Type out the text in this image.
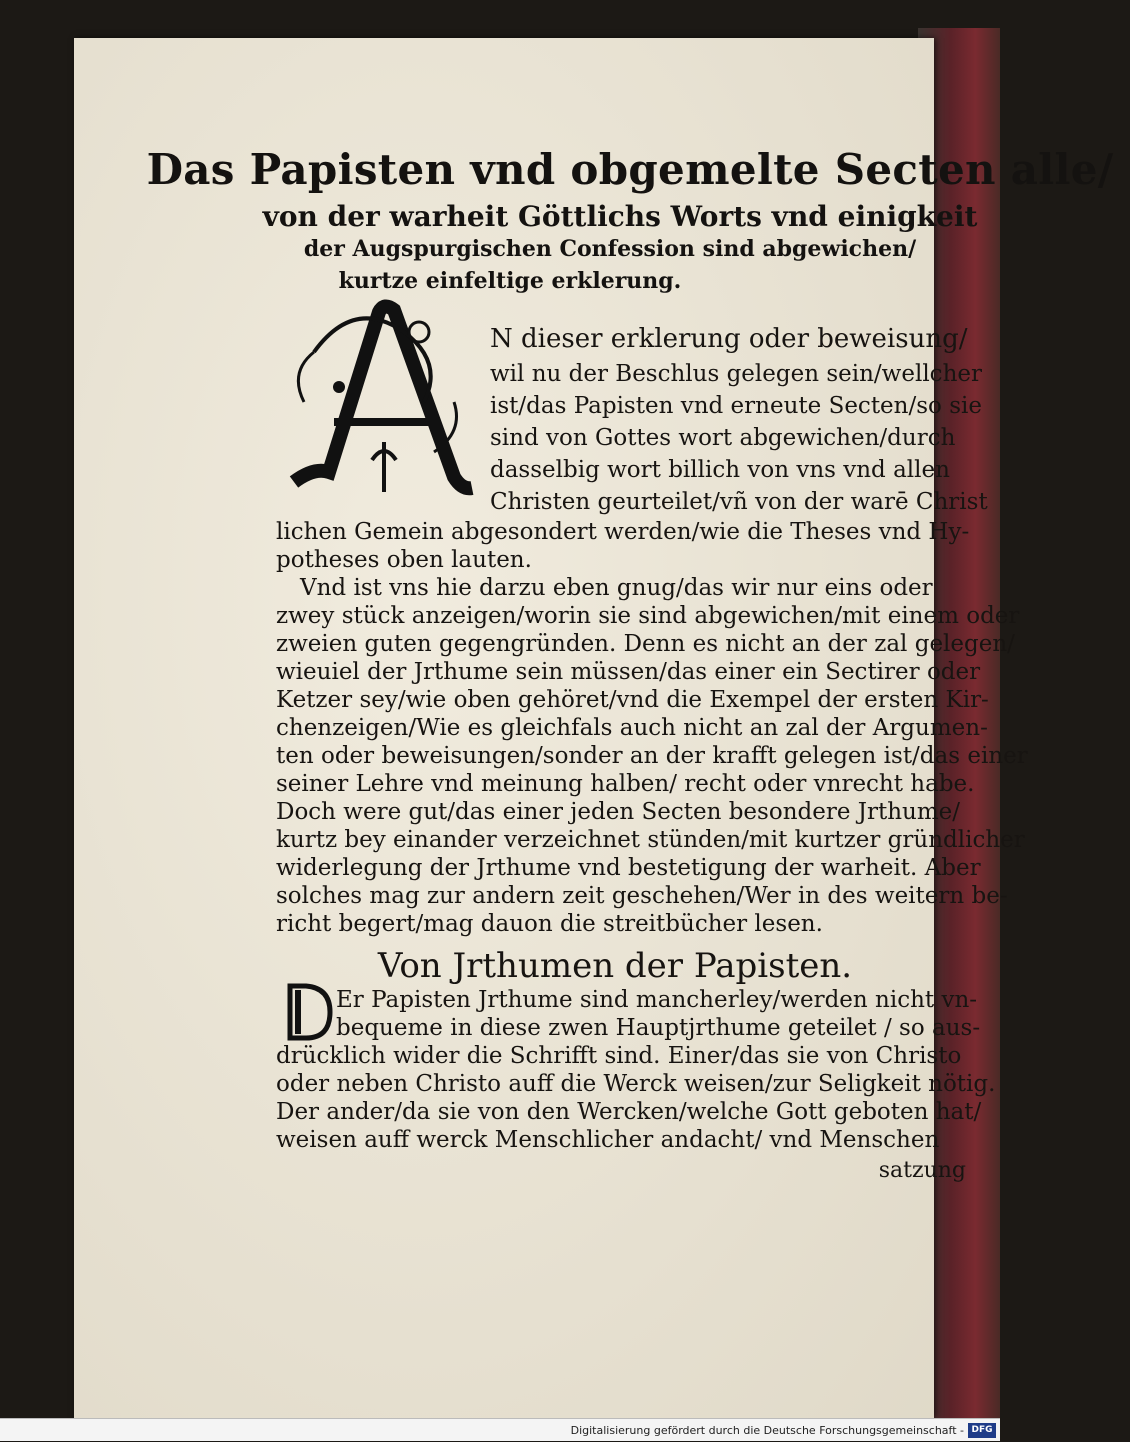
Das Papisten vnd obgemelte Secten alle/
von der warheit Göttlichs Worts vnd einigkeit
der Augspurgischen Confession sind abgewichen/
kurtze einfeltige erklerung.
N dieser erklerung oder beweisung/
wil nu der Beschlus gelegen sein/wellcher
ist/das Papisten vnd erneute Secten/so sie
sind von Gottes wort abgewichen/durch
dasselbig wort billich von vns vnd allen
Christen geurteilet/vñ von der warē Christ
lichen Gemein abgesondert werden/wie die Theses vnd Hy-
potheses oben lauten.
Vnd ist vns hie darzu eben gnug/das wir nur eins oder
zwey stück anzeigen/worin sie sind abgewichen/mit einem oder
zweien guten gegengründen. Denn es nicht an der zal gelegen/
wieuiel der Jrthume sein müssen/das einer ein Sectirer oder
Ketzer sey/wie oben gehöret/vnd die Exempel der ersten Kir-
chenzeigen/Wie es gleichfals auch nicht an zal der Argumen-
ten oder beweisungen/sonder an der krafft gelegen ist/das einer
seiner Lehre vnd meinung halben/ recht oder vnrecht habe.
Doch were gut/das einer jeden Secten besondere Jrthume/
kurtz bey einander verzeichnet stünden/mit kurtzer gründlicher
widerlegung der Jrthume vnd bestetigung der warheit. Aber
solches mag zur andern zeit geschehen/Wer in des weitern be-
richt begert/mag dauon die streitbücher lesen.
Von Jrthumen der Papisten.
Er Papisten Jrthume sind mancherley/werden nicht vn-
bequeme in diese zwen Hauptjrthume geteilet / so aus-
drücklich wider die Schrifft sind. Einer/das sie von Christo
oder neben Christo auff die Werck weisen/zur Seligkeit nötig.
Der ander/da sie von den Wercken/welche Gott geboten hat/
weisen auff werck Menschlicher andacht/ vnd Menschen
satzung
Digitalisierung gefördert durch die Deutsche Forschungsgemeinschaft - DFG
